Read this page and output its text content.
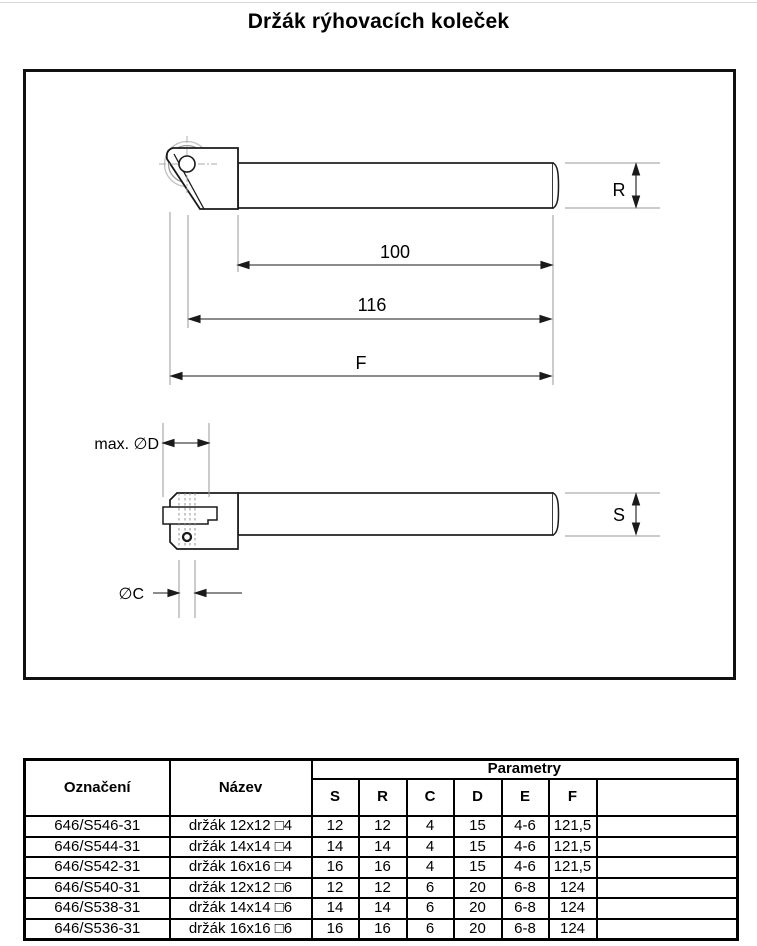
Držák rýhovacích koleček
100
116
F
R
S
max. ∅D
∅C
Označení	Název	Parametry						
		S	R	C	D	E	F	
646/S546-31	držák 12x12 □4	12	12	4	15	4-6	121,5	
646/S544-31	držák 14x14 □4	14	14	4	15	4-6	121,5	
646/S542-31	držák 16x16 □4	16	16	4	15	4-6	121,5	
646/S540-31	držák 12x12 □6	12	12	6	20	6-8	124	
646/S538-31	držák 14x14 □6	14	14	6	20	6-8	124	
646/S536-31	držák 16x16 □6	16	16	6	20	6-8	124	
